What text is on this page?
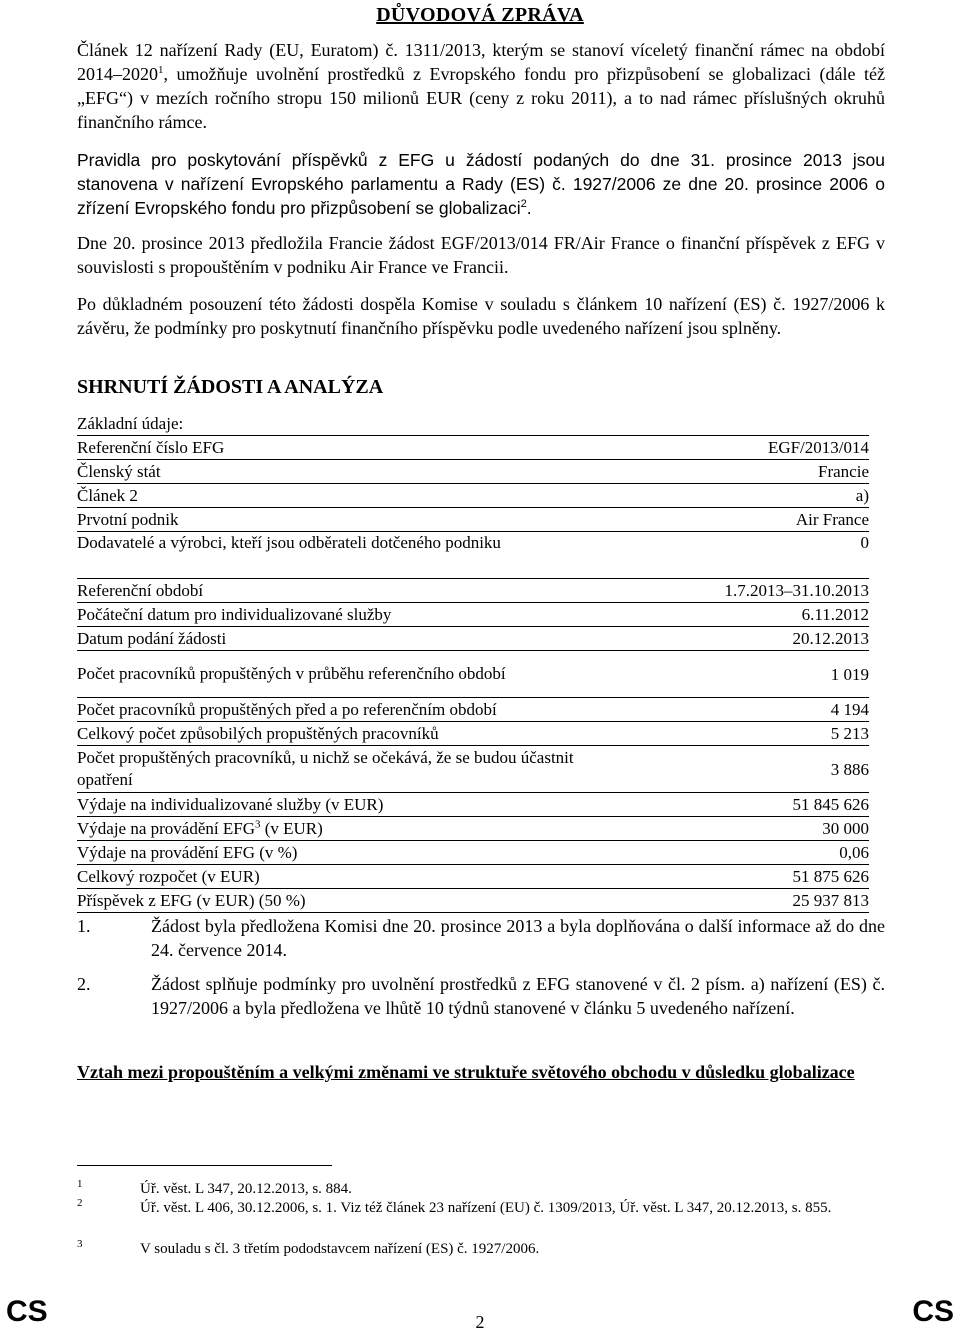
DŮVODOVÁ ZPRÁVA

Článek 12 nařízení Rady (EU, Euratom) č. 1311/2013, kterým se stanoví víceletý finanční rámec na období 2014–2020$^1$, umožňuje uvolnění prostředků z Evropského fondu pro přizpůsobení se globalizaci (dále též „EFG“) v mezích ročního stropu 150 milionů EUR (ceny z roku 2011), a to nad rámec příslušných okruhů finančního rámce.

Pravidla pro poskytování příspěvků z EFG u žádostí podaných do dne 31. prosince 2013 jsou stanovena v nařízení Evropského parlamentu a Rady (ES) č. 1927/2006 ze dne 20. prosince 2006 o zřízení Evropského fondu pro přizpůsobení se globalizaci$^2$.

Dne 20. prosince 2013 předložila Francie žádost EGF/2013/014 FR/Air France o finanční příspěvek z EFG v souvislosti s propouštěním v podniku Air France ve Francii.

Po důkladném posouzení této žádosti dospěla Komise v souladu s článkem 10 nařízení (ES) č. 1927/2006 k závěru, že podmínky pro poskytnutí finančního příspěvku podle uvedeného nařízení jsou splněny.

SHRNUTÍ ŽÁDOSTI A ANALÝZA
Základní údaje:	
Referenční číslo EFG	EGF/2013/014
Členský stát	Francie
Článek 2	a)
Prvotní podnik	Air France
Dodavatelé a výrobci, kteří jsou odběrateli dotčeného podniku	0
Referenční období	1.7.2013–31.10.2013
Počáteční datum pro individualizované služby	6.11.2012
Datum podání žádosti	20.12.2013
Počet pracovníků propuštěných v průběhu referenčního období	1 019
Počet pracovníků propuštěných před a po referenčním období	4 194
Celkový počet způsobilých propuštěných pracovníků	5 213
Počet propuštěných pracovníků, u nichž se očekává, že se budou účastnit opatření	3 886
Výdaje na individualizované služby (v EUR)	51 845 626
Výdaje na provádění EFG$^3$ (v EUR)	30 000
Výdaje na provádění EFG (v %)	0,06
Celkový rozpočet (v EUR)	51 875 626
Příspěvek z EFG (v EUR) (50 %)	25 937 813
1.	Žádost byla předložena Komisi dne 20. prosince 2013 a byla doplňována o další informace až do dne 24. července 2014.
2.	Žádost splňuje podmínky pro uvolnění prostředků z EFG stanovené v čl. 2 písm. a) nařízení (ES) č. 1927/2006 a byla předložena ve lhůtě 10 týdnů stanovené v článku 5 uvedeného nařízení.
Vztah mezi propouštěním a velkými změnami ve struktuře světového obchodu v důsledku globalizace
1	Úř. věst. L 347, 20.12.2013, s. 884.
2	Úř. věst. L 406, 30.12.2006, s. 1. Viz též článek 23 nařízení (EU) č. 1309/2013, Úř. věst. L 347, 20.12.2013, s. 855.
3	V souladu s čl. 3 třetím pododstavcem nařízení (ES) č. 1927/2006.
CS	2	CS
